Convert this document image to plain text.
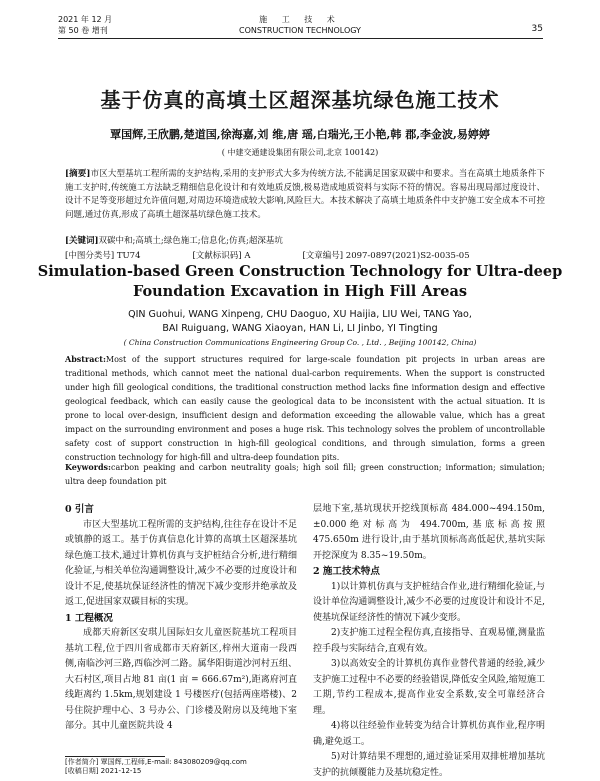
2021 年 12 月
第 50 卷 增刊
施 工 技 术
CONSTRUCTION TECHNOLOGY	35
基于仿真的高填土区超深基坑绿色施工技术
覃国辉,王欣鹏,楚道国,徐海嘉,刘 维,唐 瑶,白瑞光,王小艳,韩 郡,李金波,易婷婷
( 中建交通建设集团有限公司,北京 100142)
[摘要]市区大型基坑工程所需的支护结构,采用的支护形式大多为传统方法,不能满足国家双碳中和要求。当在高填土地质条件下施工支护时,传统施工方法缺乏精细信息化设计和有效地质反馈,极易造成地质资料与实际不符的情况。容易出现局部过度设计、设计不足等变形超过允许值问题,对周边环境造成较大影响,风险巨大。本技术解决了高填土地质条件中支护施工安全成本不可控问题,通过仿真,形成了高填土超深基坑绿色施工技术。
[关键词]双碳中和;高填土;绿色施工;信息化;仿真;超深基坑
[中图分类号] TU74	[文献标识码] A	[文章编号] 2097-0897(2021)S2-0035-05
Simulation-based Green Construction Technology for Ultra-deep Foundation Excavation in High Fill Areas
QIN Guohui, WANG Xinpeng, CHU Daoguo, XU Haijia, LIU Wei, TANG Yao,
BAI Ruiguang, WANG Xiaoyan, HAN Li, LI Jinbo, YI Tingting
( China Construction Communications Engineering Group Co. , Ltd. , Beijing 100142, China)
Abstract:Most of the support structures required for large-scale foundation pit projects in urban areas are traditional methods, which cannot meet the national dual-carbon requirements. When the support is constructed under high fill geological conditions, the traditional construction method lacks fine information design and effective geological feedback, which can easily cause the geological data to be inconsistent with the actual situation. It is prone to local over-design, insufficient design and deformation exceeding the allowable value, which has a great impact on the surrounding environment and poses a huge risk. This technology solves the problem of uncontrollable safety cost of support construction in high-fill geological conditions, and through simulation, forms a green construction technology for high-fill and ultra-deep foundation pits.
Keywords:carbon peaking and carbon neutrality goals; high soil fill; green construction; information; simulation; ultra deep foundation pit
0 引言

市区大型基坑工程所需的支护结构,往往存在设计不足或镇静的返工。基于仿真信息化计算的高填土区超深基坑绿色施工技术,通过计算机仿真与支护桩结合分析,进行精细化验证,与相关单位沟通调整设计,减少不必要的过度设计和设计不足,使基坑保证经济性的情况下减少变形并绝承故及返工,促进国家双碳目标的实现。

1 工程概况

成都天府新区安琪儿国际妇女儿童医院基坑工程项目基坑工程,位于四川省成都市天府新区,梓州大道南一段西侧,南临沙河三路,西临沙河二路。属华阳街道沙河村五组、大石村区,项目占地 81 亩(1 亩 = 666.67m²),距离府河直线距离约 1.5km,规划建设 1 号楼医疗(包括两座塔楼)、2 号住院护理中心、3 号办公、门诊楼及附房以及纯地下室部分。其中儿童医院共设 4

层地下室,基坑现状开挖线顶标高 484.000~494.150m,±0.000绝对标高为 494.700m,基底标高按照 475.650m 进行设计,由于基坑顶标高高低起伏,基坑实际开挖深度为 8.35~19.50m。

2 施工技术特点

1)以计算机仿真与支护桩结合作业,进行精细化验证,与设计单位沟通调整设计,减少不必要的过度设计和设计不足,使基坑保证经济性的情况下减少变形。

2)支护施工过程全程仿真,直接指导、直观易懂,测量监控手段与实际结合,直观有效。

3)以高效安全的计算机仿真作业替代普通的经验,减少支护施工过程中不必要的经验错误,降低安全风险,缩短施工工期,节约工程成本,提高作业安全系数,安全可靠经济合理。

4)将以往经验作业转变为结合计算机仿真作业,程序明确,避免返工。

5)对计算结果不理想的,通过验证采用双排桩增加基坑支护的抗倾覆能力及基坑稳定性。

[作者简介] 覃国辉,工程师,E-mail: 843080209@qq.com
[收稿日期] 2021-12-15
